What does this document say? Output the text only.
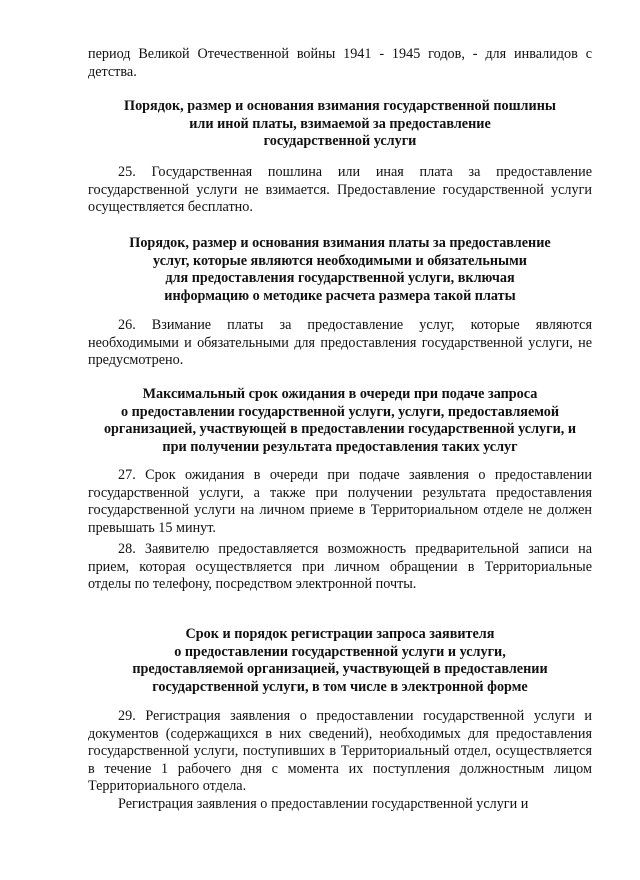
период Великой Отечественной войны 1941 - 1945 годов, - для инвалидов с детства.

Порядок, размер и основания взимания государственной пошлины
или иной платы, взимаемой за предоставление
государственной услуги

25. Государственная пошлина или иная плата за предоставление государственной услуги не взимается. Предоставление государственной услуги осуществляется бесплатно.

Порядок, размер и основания взимания платы за предоставление
услуг, которые являются необходимыми и обязательными
для предоставления государственной услуги, включая
информацию о методике расчета размера такой платы

26. Взимание платы за предоставление услуг, которые являются необходимыми и обязательными для предоставления государственной услуги, не предусмотрено.

Максимальный срок ожидания в очереди при подаче запроса
о предоставлении государственной услуги, услуги, предоставляемой
организацией, участвующей в предоставлении государственной услуги, и
при получении результата предоставления таких услуг

27. Срок ожидания в очереди при подаче заявления о предоставлении государственной услуги, а также при получении результата предоставления государственной услуги на личном приеме в Территориальном отделе не должен превышать 15 минут.

28. Заявителю предоставляется возможность предварительной записи на прием, которая осуществляется при личном обращении в Территориальные отделы по телефону, посредством электронной почты.

Срок и порядок регистрации запроса заявителя
о предоставлении государственной услуги и услуги,
предоставляемой организацией, участвующей в предоставлении
государственной услуги, в том числе в электронной форме

29. Регистрация заявления о предоставлении государственной услуги и документов (содержащихся в них сведений), необходимых для предоставления государственной услуги, поступивших в Территориальный отдел, осуществляется в течение 1 рабочего дня с момента их поступления должностным лицом Территориального отдела.

Регистрация заявления о предоставлении государственной услуги и
